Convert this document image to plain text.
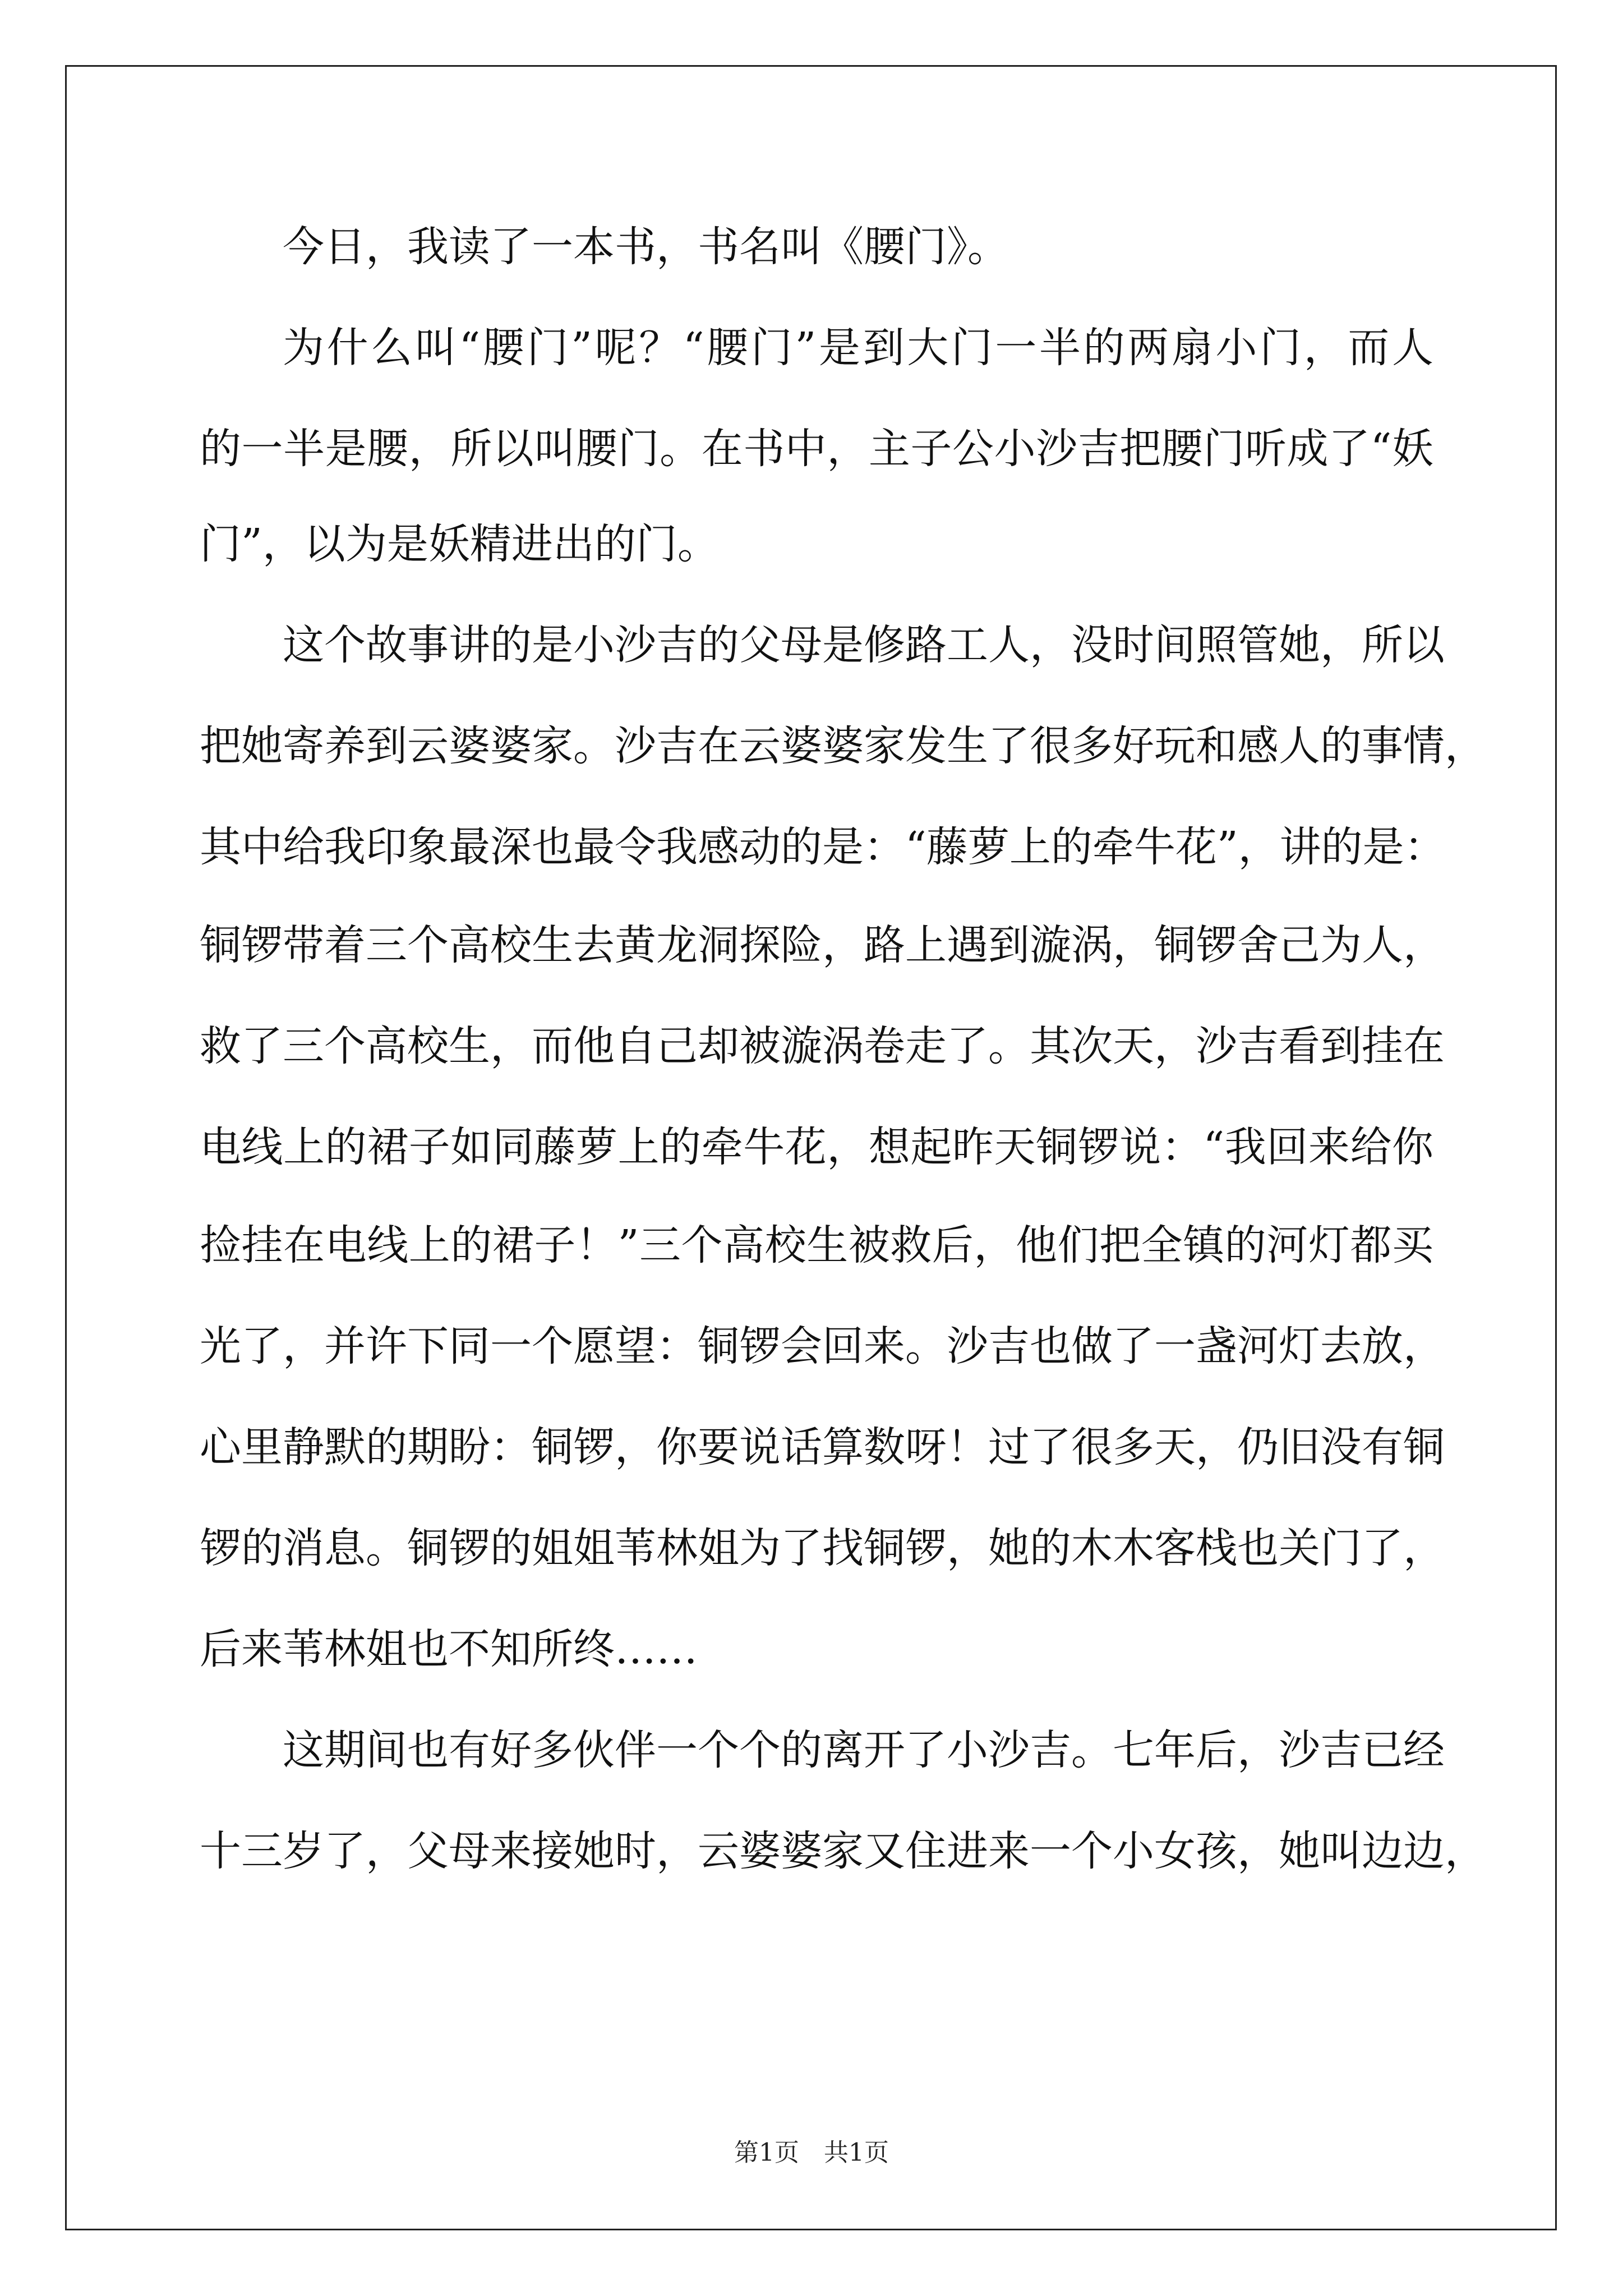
今日，我读了一本书，书名叫《腰门》。
为什么叫“腰门”呢？“腰门”是到大门一半的两扇小门，而人
的一半是腰，所以叫腰门。在书中，主子公小沙吉把腰门听成了“妖
门”，以为是妖精进出的门。
这个故事讲的是小沙吉的父母是修路工人，没时间照管她，所以
把她寄养到云婆婆家。沙吉在云婆婆家发生了很多好玩和感人的事情，
其中给我印象最深也最令我感动的是：“藤萝上的牵牛花”，讲的是：
铜锣带着三个高校生去黄龙洞探险，路上遇到漩涡，铜锣舍己为人，
救了三个高校生，而他自己却被漩涡卷走了。其次天，沙吉看到挂在
电线上的裙子如同藤萝上的牵牛花，想起昨天铜锣说：“我回来给你
捡挂在电线上的裙子！”三个高校生被救后，他们把全镇的河灯都买
光了，并许下同一个愿望：铜锣会回来。沙吉也做了一盏河灯去放，
心里静默的期盼：铜锣，你要说话算数呀！过了很多天，仍旧没有铜
锣的消息。铜锣的姐姐苇林姐为了找铜锣，她的木木客栈也关门了，
后来苇林姐也不知所终……
这期间也有好多伙伴一个个的离开了小沙吉。七年后，沙吉已经
十三岁了，父母来接她时，云婆婆家又住进来一个小女孩，她叫边边，
第1页　共1页
